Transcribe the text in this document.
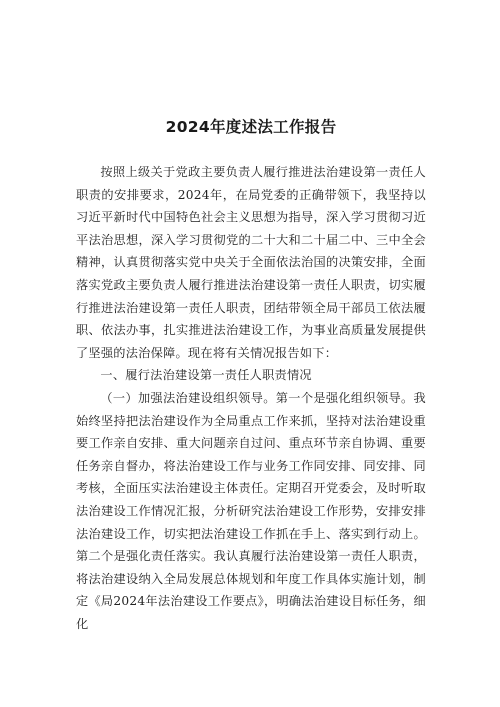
2024年度述法工作报告

按照上级关于党政主要负责人履行推进法治建设第一责任人职责的安排要求，2024年，在局党委的正确带领下，我坚持以习近平新时代中国特色社会主义思想为指导，深入学习贯彻习近平法治思想，深入学习贯彻党的二十大和二十届二中、三中全会精神，认真贯彻落实党中央关于全面依法治国的决策安排，全面落实党政主要负责人履行推进法治建设第一责任人职责，切实履行推进法治建设第一责任人职责，团结带领全局干部员工依法履职、依法办事，扎实推进法治建设工作，为事业高质量发展提供了坚强的法治保障。现在将有关情况报告如下：

一、履行法治建设第一责任人职责情况

（一）加强法治建设组织领导。第一个是强化组织领导。我始终坚持把法治建设作为全局重点工作来抓，坚持对法治建设重要工作亲自安排、重大问题亲自过问、重点环节亲自协调、重要任务亲自督办，将法治建设工作与业务工作同安排、同安排、同考核，全面压实法治建设主体责任。定期召开党委会，及时听取法治建设工作情况汇报，分析研究法治建设工作形势，安排安排法治建设工作，切实把法治建设工作抓在手上、落实到行动上。第二个是强化责任落实。我认真履行法治建设第一责任人职责，将法治建设纳入全局发展总体规划和年度工作具体实施计划，制定《局2024年法治建设工作要点》，明确法治建设目标任务，细化
